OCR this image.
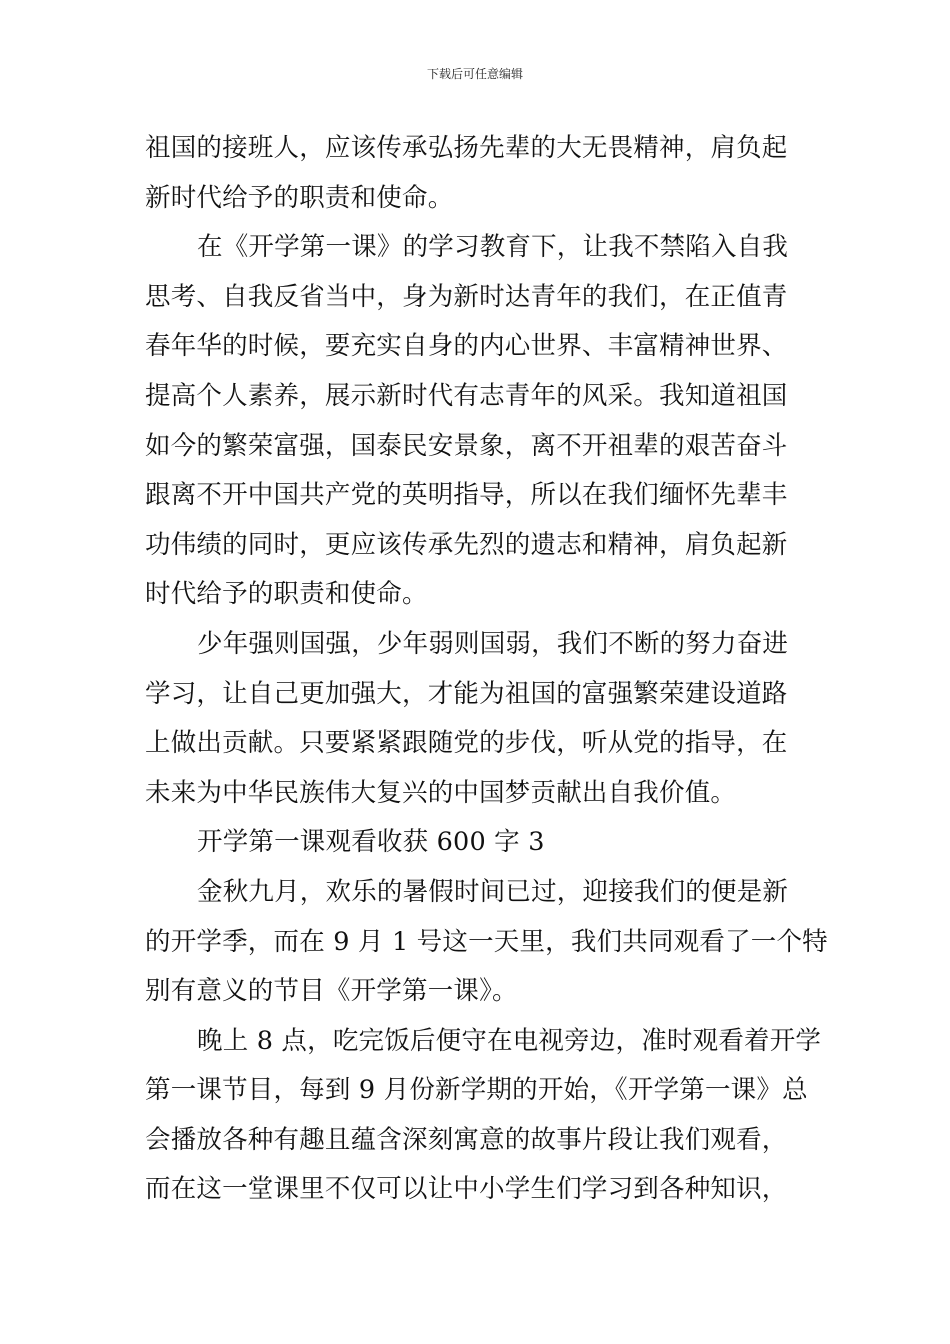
下载后可任意编辑
祖国的接班人，应该传承弘扬先辈的大无畏精神，肩负起
新时代给予的职责和使命。
在《开学第一课》的学习教育下，让我不禁陷入自我
思考、自我反省当中，身为新时达青年的我们，在正值青
春年华的时候，要充实自身的内心世界、丰富精神世界、
提高个人素养，展示新时代有志青年的风采。我知道祖国
如今的繁荣富强，国泰民安景象，离不开祖辈的艰苦奋斗
跟离不开中国共产党的英明指导，所以在我们缅怀先辈丰
功伟绩的同时，更应该传承先烈的遗志和精神，肩负起新
时代给予的职责和使命。
少年强则国强，少年弱则国弱，我们不断的努力奋进
学习，让自己更加强大，才能为祖国的富强繁荣建设道路
上做出贡献。只要紧紧跟随党的步伐，听从党的指导，在
未来为中华民族伟大复兴的中国梦贡献出自我价值。
开学第一课观看收获 600 字 3
金秋九月，欢乐的暑假时间已过，迎接我们的便是新
的开学季，而在 9 月 1 号这一天里，我们共同观看了一个特
别有意义的节目《开学第一课》。
晚上 8 点，吃完饭后便守在电视旁边，准时观看着开学
第一课节目，每到 9 月份新学期的开始，《开学第一课》总
会播放各种有趣且蕴含深刻寓意的故事片段让我们观看，
而在这一堂课里不仅可以让中小学生们学习到各种知识，
